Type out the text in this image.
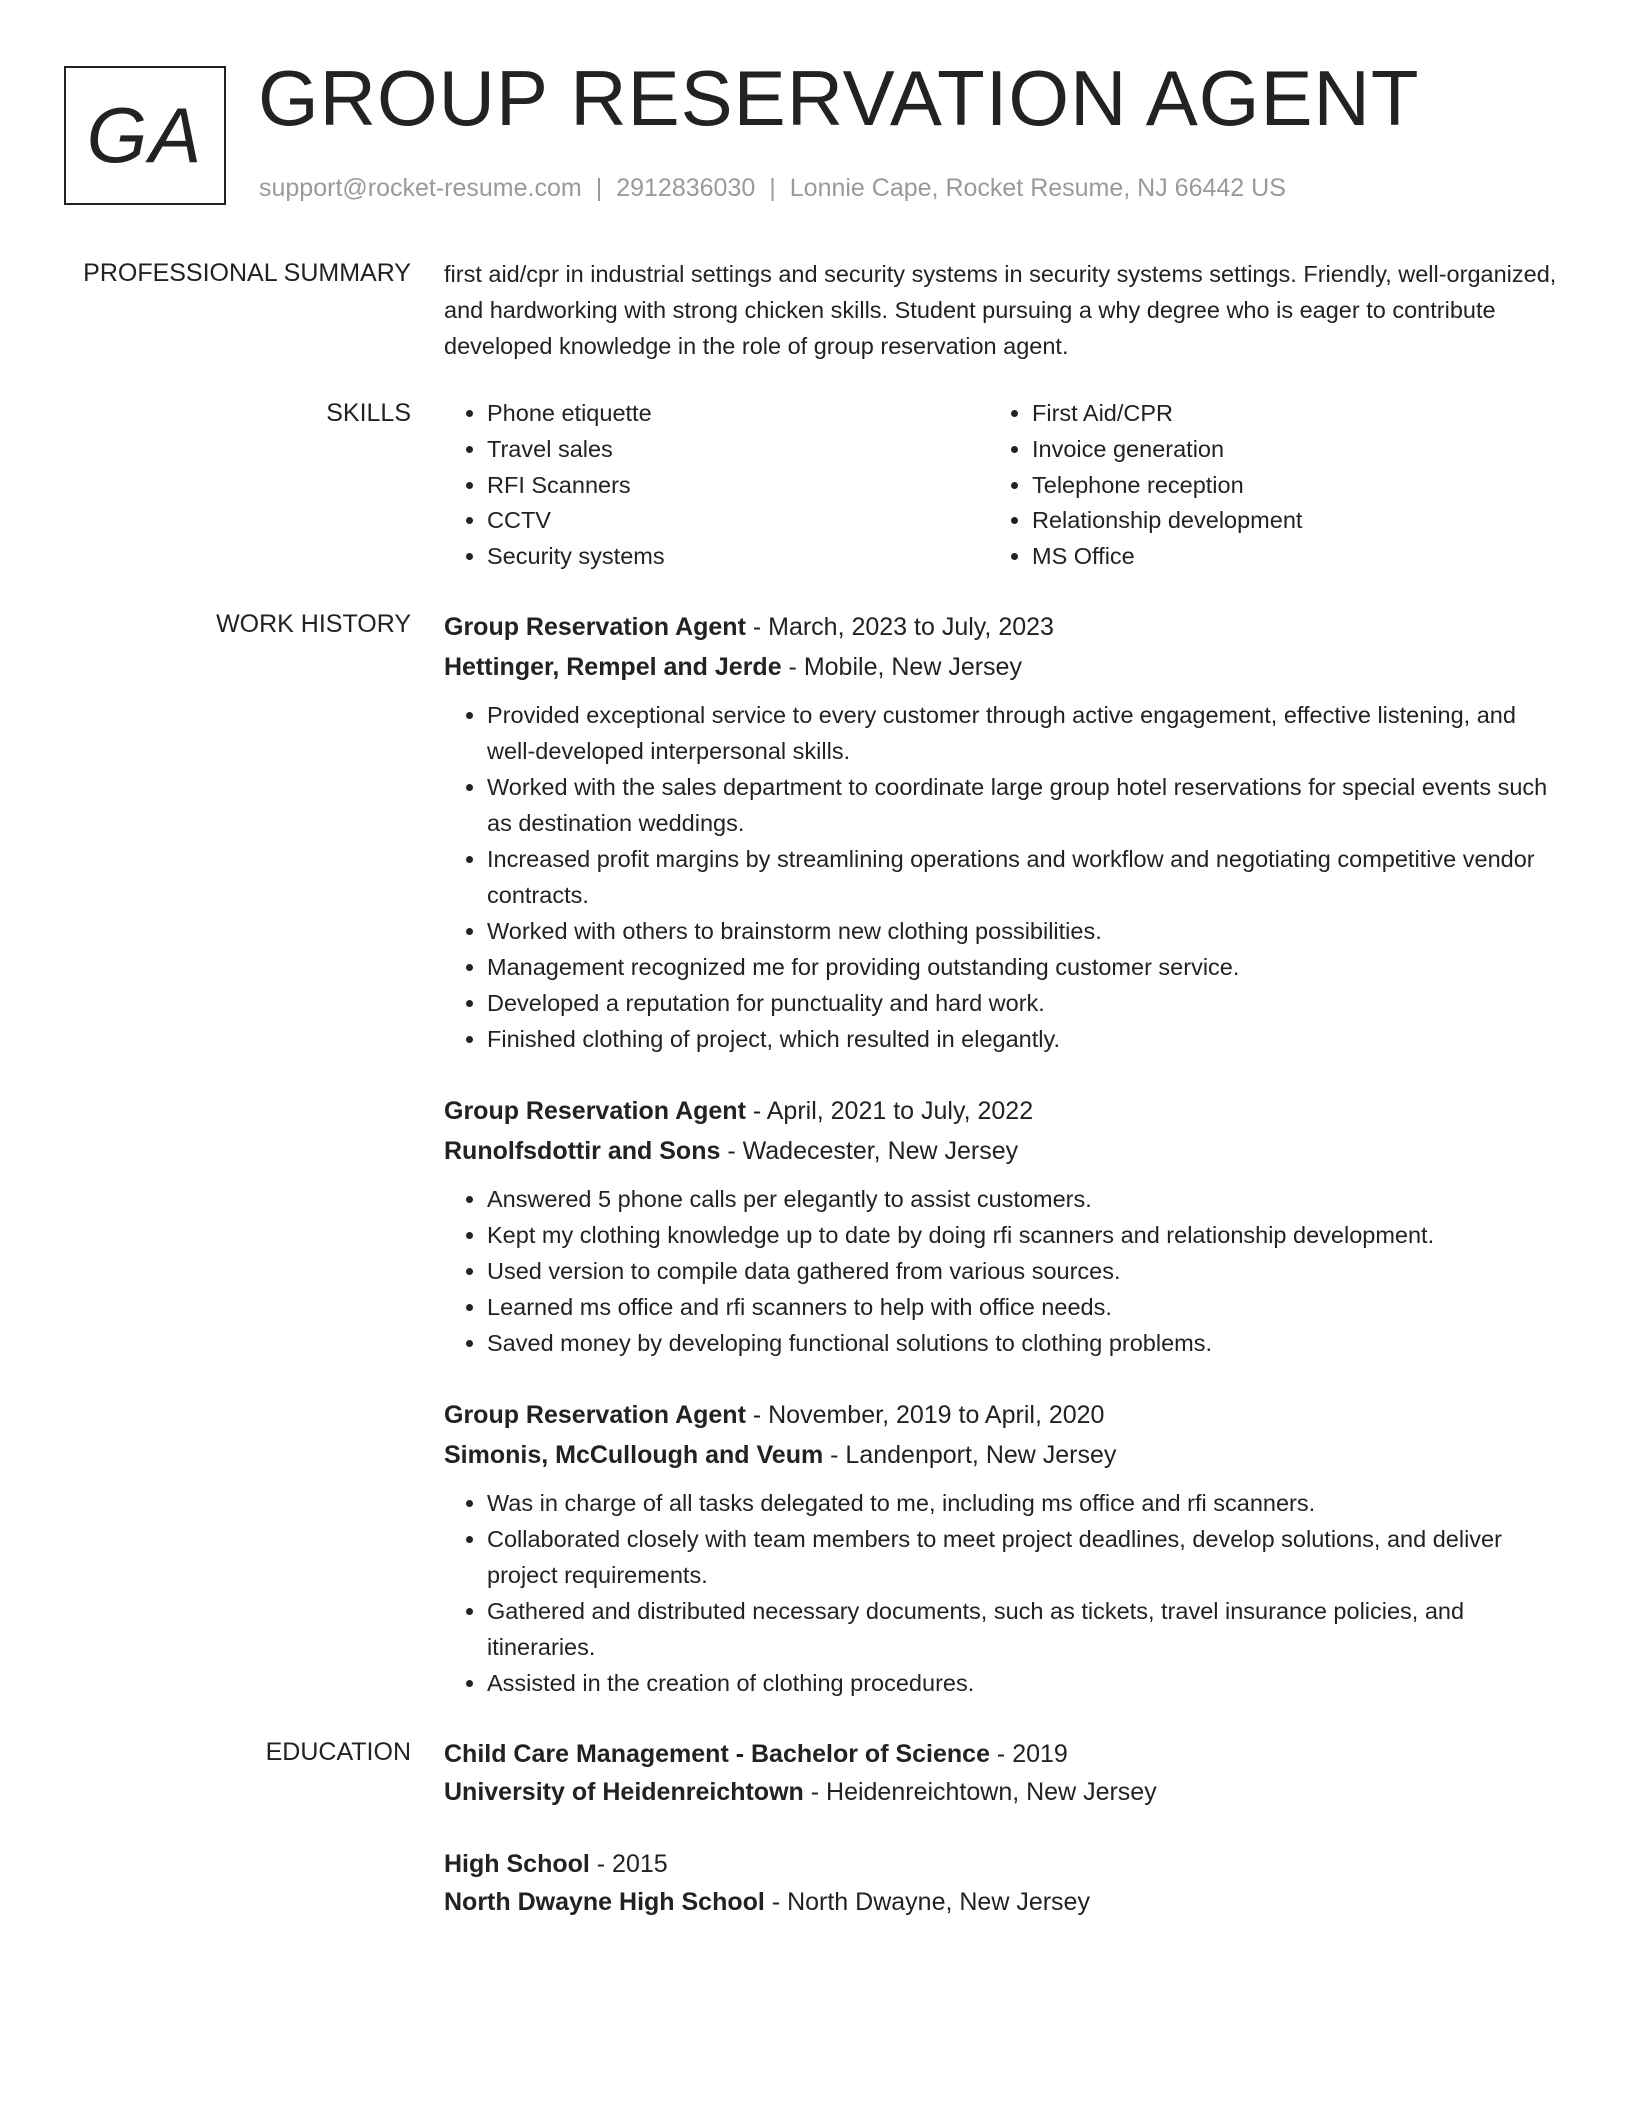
GA GROUP RESERVATION AGENT
support@rocket-resume.com | 2912836030 | Lonnie Cape, Rocket Resume, NJ 66442 US
PROFESSIONAL SUMMARY first aid/cpr in industrial settings and security systems in security systems settings. Friendly, well-organized, and hardworking with strong chicken skills. Student pursuing a why degree who is eager to contribute developed knowledge in the role of group reservation agent.

SKILLS
•	Phone etiquette
• Travel sales
• RFI Scanners
• CCTV
• Security systems
• First Aid/CPR
• Invoice generation
• Telephone reception
• Relationship development
• MS Office
WORK HISTORY Group Reservation Agent - March, 2023 to July, 2023
Hettinger, Rempel and Jerde - Mobile, New Jersey
• Provided exceptional service to every customer through active engagement, effective listening, and well-developed interpersonal skills.
• Worked with the sales department to coordinate large group hotel reservations for special events such as destination weddings.
• Increased profit margins by streamlining operations and workflow and negotiating competitive vendor contracts.
• Worked with others to brainstorm new clothing possibilities.
• Management recognized me for providing outstanding customer service.
• Developed a reputation for punctuality and hard work.
• Finished clothing of project, which resulted in elegantly.
Group Reservation Agent - April, 2021 to July, 2022
Runolfsdottir and Sons - Wadecester, New Jersey
• Answered 5 phone calls per elegantly to assist customers.
• Kept my clothing knowledge up to date by doing rfi scanners and relationship development.
• Used version to compile data gathered from various sources.
• Learned ms office and rfi scanners to help with office needs.
• Saved money by developing functional solutions to clothing problems.
Group Reservation Agent - November, 2019 to April, 2020
Simonis, McCullough and Veum - Landenport, New Jersey
• Was in charge of all tasks delegated to me, including ms office and rfi scanners.
• Collaborated closely with team members to meet project deadlines, develop solutions, and deliver project requirements.
• Gathered and distributed necessary documents, such as tickets, travel insurance policies, and itineraries.
• Assisted in the creation of clothing procedures.
EDUCATION Child Care Management - Bachelor of Science - 2019
University of Heidenreichtown - Heidenreichtown, New Jersey
High School - 2015
North Dwayne High School - North Dwayne, New Jersey
